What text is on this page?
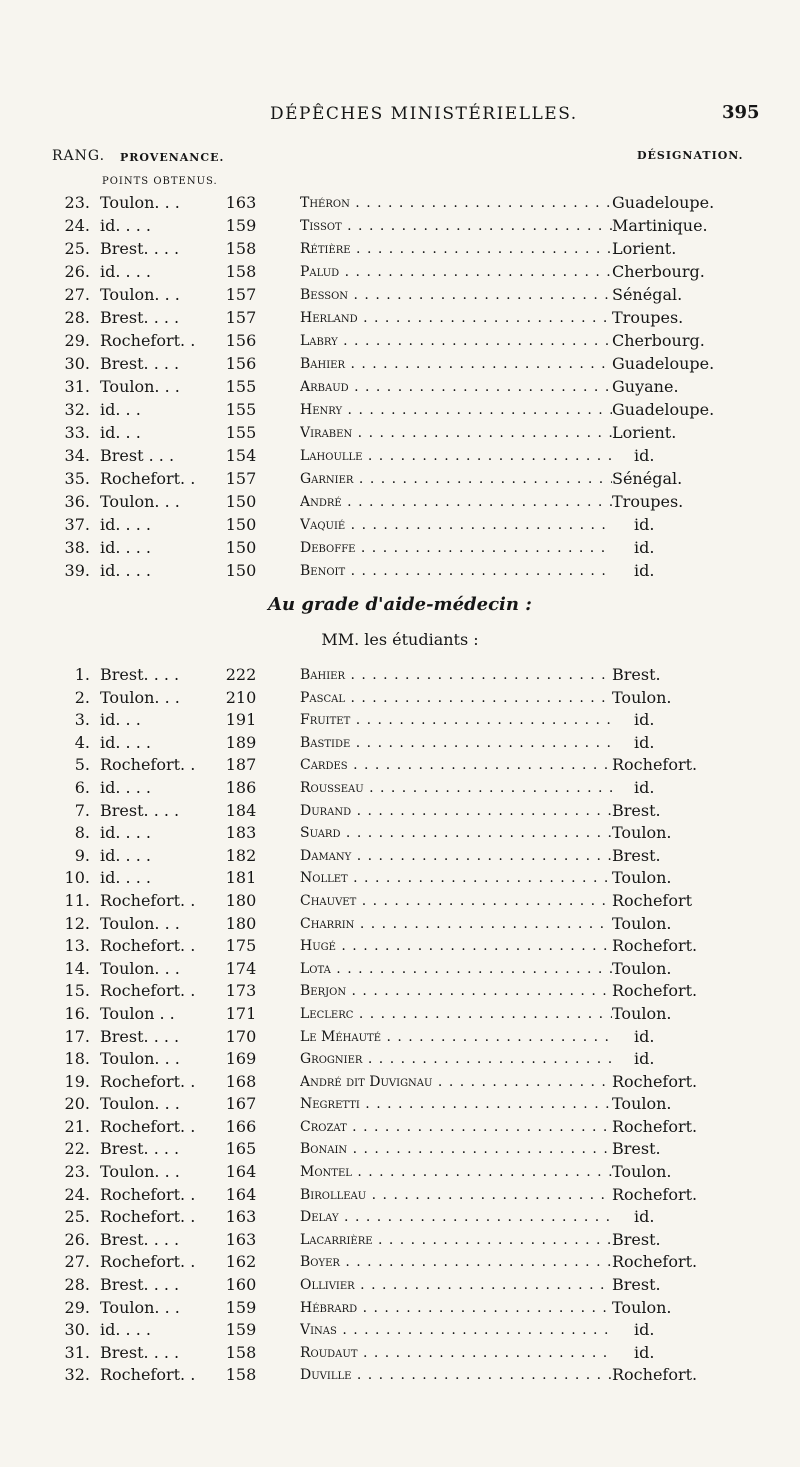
DÉPÊCHES MINISTÉRIELLES.	395
RANG. PROVENANCE.
POINTS OBTENUS.
DÉSIGNATION.
23. Toulon. . .	163	Théron . . .	Guadeloupe.
24. id. . . .	159	Tissot . . .	Martinique.
25. Brest. . . .	158	Rétière . . .	Lorient.
26. id. . . .	158	Palud . . .	Cherbourg.
27. Toulon. . .	157	Besson . . .	Sénégal.
28. Brest. . . .	157	Herland . . .	Troupes.
29. Rochefort. .	156	Labry . . .	Cherbourg.
30. Brest. . . .	156	Bahier . . .	Guadeloupe.
31. Toulon. . .	155	Arbaud . . .	Guyane.
32. id. . .	155	Henry . . .	Guadeloupe.
33. id. . .	155	Viraben . . .	Lorient.
34. Brest . . .	154	Lahoulle . . .	id.
35. Rochefort. .	157	Garnier . . .	Sénégal.
36. Toulon. . .	150	André . . .	Troupes.
37. id. . . .	150	Vaquié . . .	id.
38. id. . . .	150	Deboffe . . .	id.
39. id. . . .	150	Benoit . . .	id.
Au grade d'aide-médecin :
MM. les étudiants :
1. Brest. . . .	222	Bahier . . .	Brest.
2. Toulon. . .	210	Pascal . . .	Toulon.
3. id. . .	191	Fruitet . . .	id.
4. id. . . .	189	Bastide . . .	id.
5. Rochefort. .	187	Cardes . . .	Rochefort.
6. id. . . .	186	Rousseau . . .	id.
7. Brest. . . .	184	Durand . . .	Brest.
8. id. . . .	183	Suard . . .	Toulon.
9. id. . . .	182	Damany . . .	Brest.
10. id. . . .	181	Nollet . . .	Toulon.
11. Rochefort. .	180	Chauvet . . .	Rochefort
12. Toulon. . .	180	Charrin . . .	Toulon.
13. Rochefort. .	175	Hugé . . .	Rochefort.
14. Toulon. . .	174	Lota . . .	Toulon.
15. Rochefort. .	173	Berjon . . .	Rochefort.
16. Toulon . .	171	Leclerc . . .	Toulon.
17. Brest. . . .	170	Le Méhauté . . .	id.
18. Toulon. . .	169	Grognier . . .	id.
19. Rochefort. .	168	André dit Duvignau . . .	Rochefort.
20. Toulon. . .	167	Negretti . . .	Toulon.
21. Rochefort. .	166	Crozat . . .	Rochefort.
22. Brest. . . .	165	Bonain . . .	Brest.
23. Toulon. . .	164	Montel . . .	Toulon.
24. Rochefort. .	164	Birolleau . . .	Rochefort.
25. Rochefort. .	163	Delay . . .	id.
26. Brest. . . .	163	Lacarrière . . .	Brest.
27. Rochefort. .	162	Boyer . . .	Rochefort.
28. Brest. . . .	160	Ollivier . . .	Brest.
29. Toulon. . .	159	Hébrard . . .	Toulon.
30. id. . . .	159	Vinas . . .	id.
31. Brest. . . .	158	Roudaut . . .	id.
32. Rochefort. .	158	Duville . . .	Rochefort.
